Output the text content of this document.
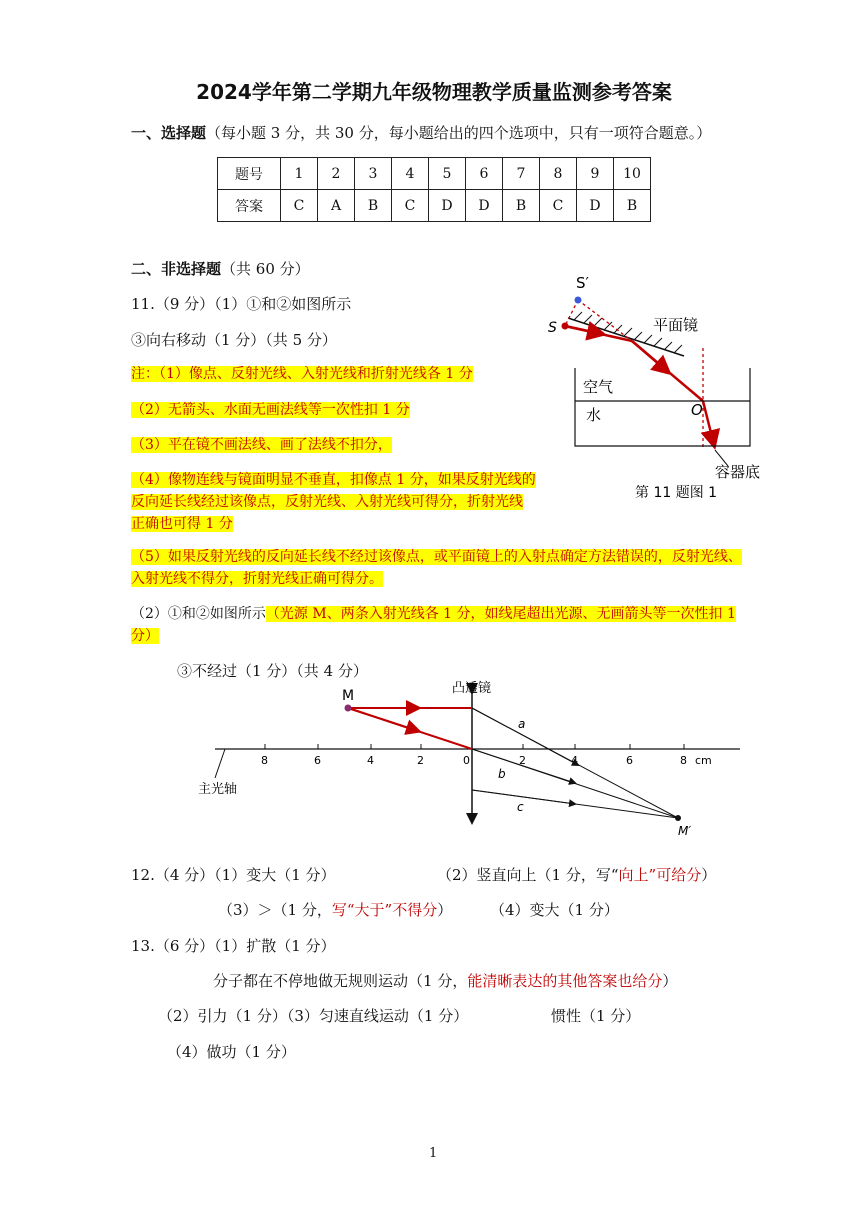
2024学年第二学期九年级物理教学质量监测参考答案
一、选择题（每小题 3 分，共 30 分，每小题给出的四个选项中，只有一项符合题意。）
题号	1	2	3	4	5	6	7	8	9	10
答案	C	A	B	C	D	D	B	C	D	B
二、非选择题（共 60 分）
11.（9 分）（1）①和②如图所示
③向右移动（1 分）（共 5 分）
注：（1）像点、反射光线、入射光线和折射光线各 1 分
（2）无箭头、水面无画法线等一次性扣 1 分
（3）平在镜不画法线、画了法线不扣分，
（4）像物连线与镜面明显不垂直，扣像点 1 分，如果反射光线的反向延长线经过该像点，反射光线、入射光线可得分，折射光线正确也可得 1 分
（5）如果反射光线的反向延长线不经过该像点，或平面镜上的入射点确定方法错误的，反射光线、入射光线不得分，折射光线正确可得分。
（2）①和②如图所示（光源 M、两条入射光线各 1 分，如线尾超出光源、无画箭头等一次性扣 1 分）
③不经过（1 分）（共 4 分）
S′
S	平面镜
空气
水	O
容器底
第 11 题图 1
8	6	4	2	0	2	4	6	8 cm
M	凸透镜
主光轴
M′
a
b
c
12.（4 分）（1）变大（1 分）	（2）竖直向上（1 分，写“向上”可给分）
（3）＞（1 分，写“大于”不得分）	（4）变大（1 分）
13.（6 分）（1）扩散（1 分）
分子都在不停地做无规则运动（1 分，能清晰表达的其他答案也给分）
（2）引力（1 分）（3）匀速直线运动（1 分）	惯性（1 分）
（4）做功（1 分）
1
